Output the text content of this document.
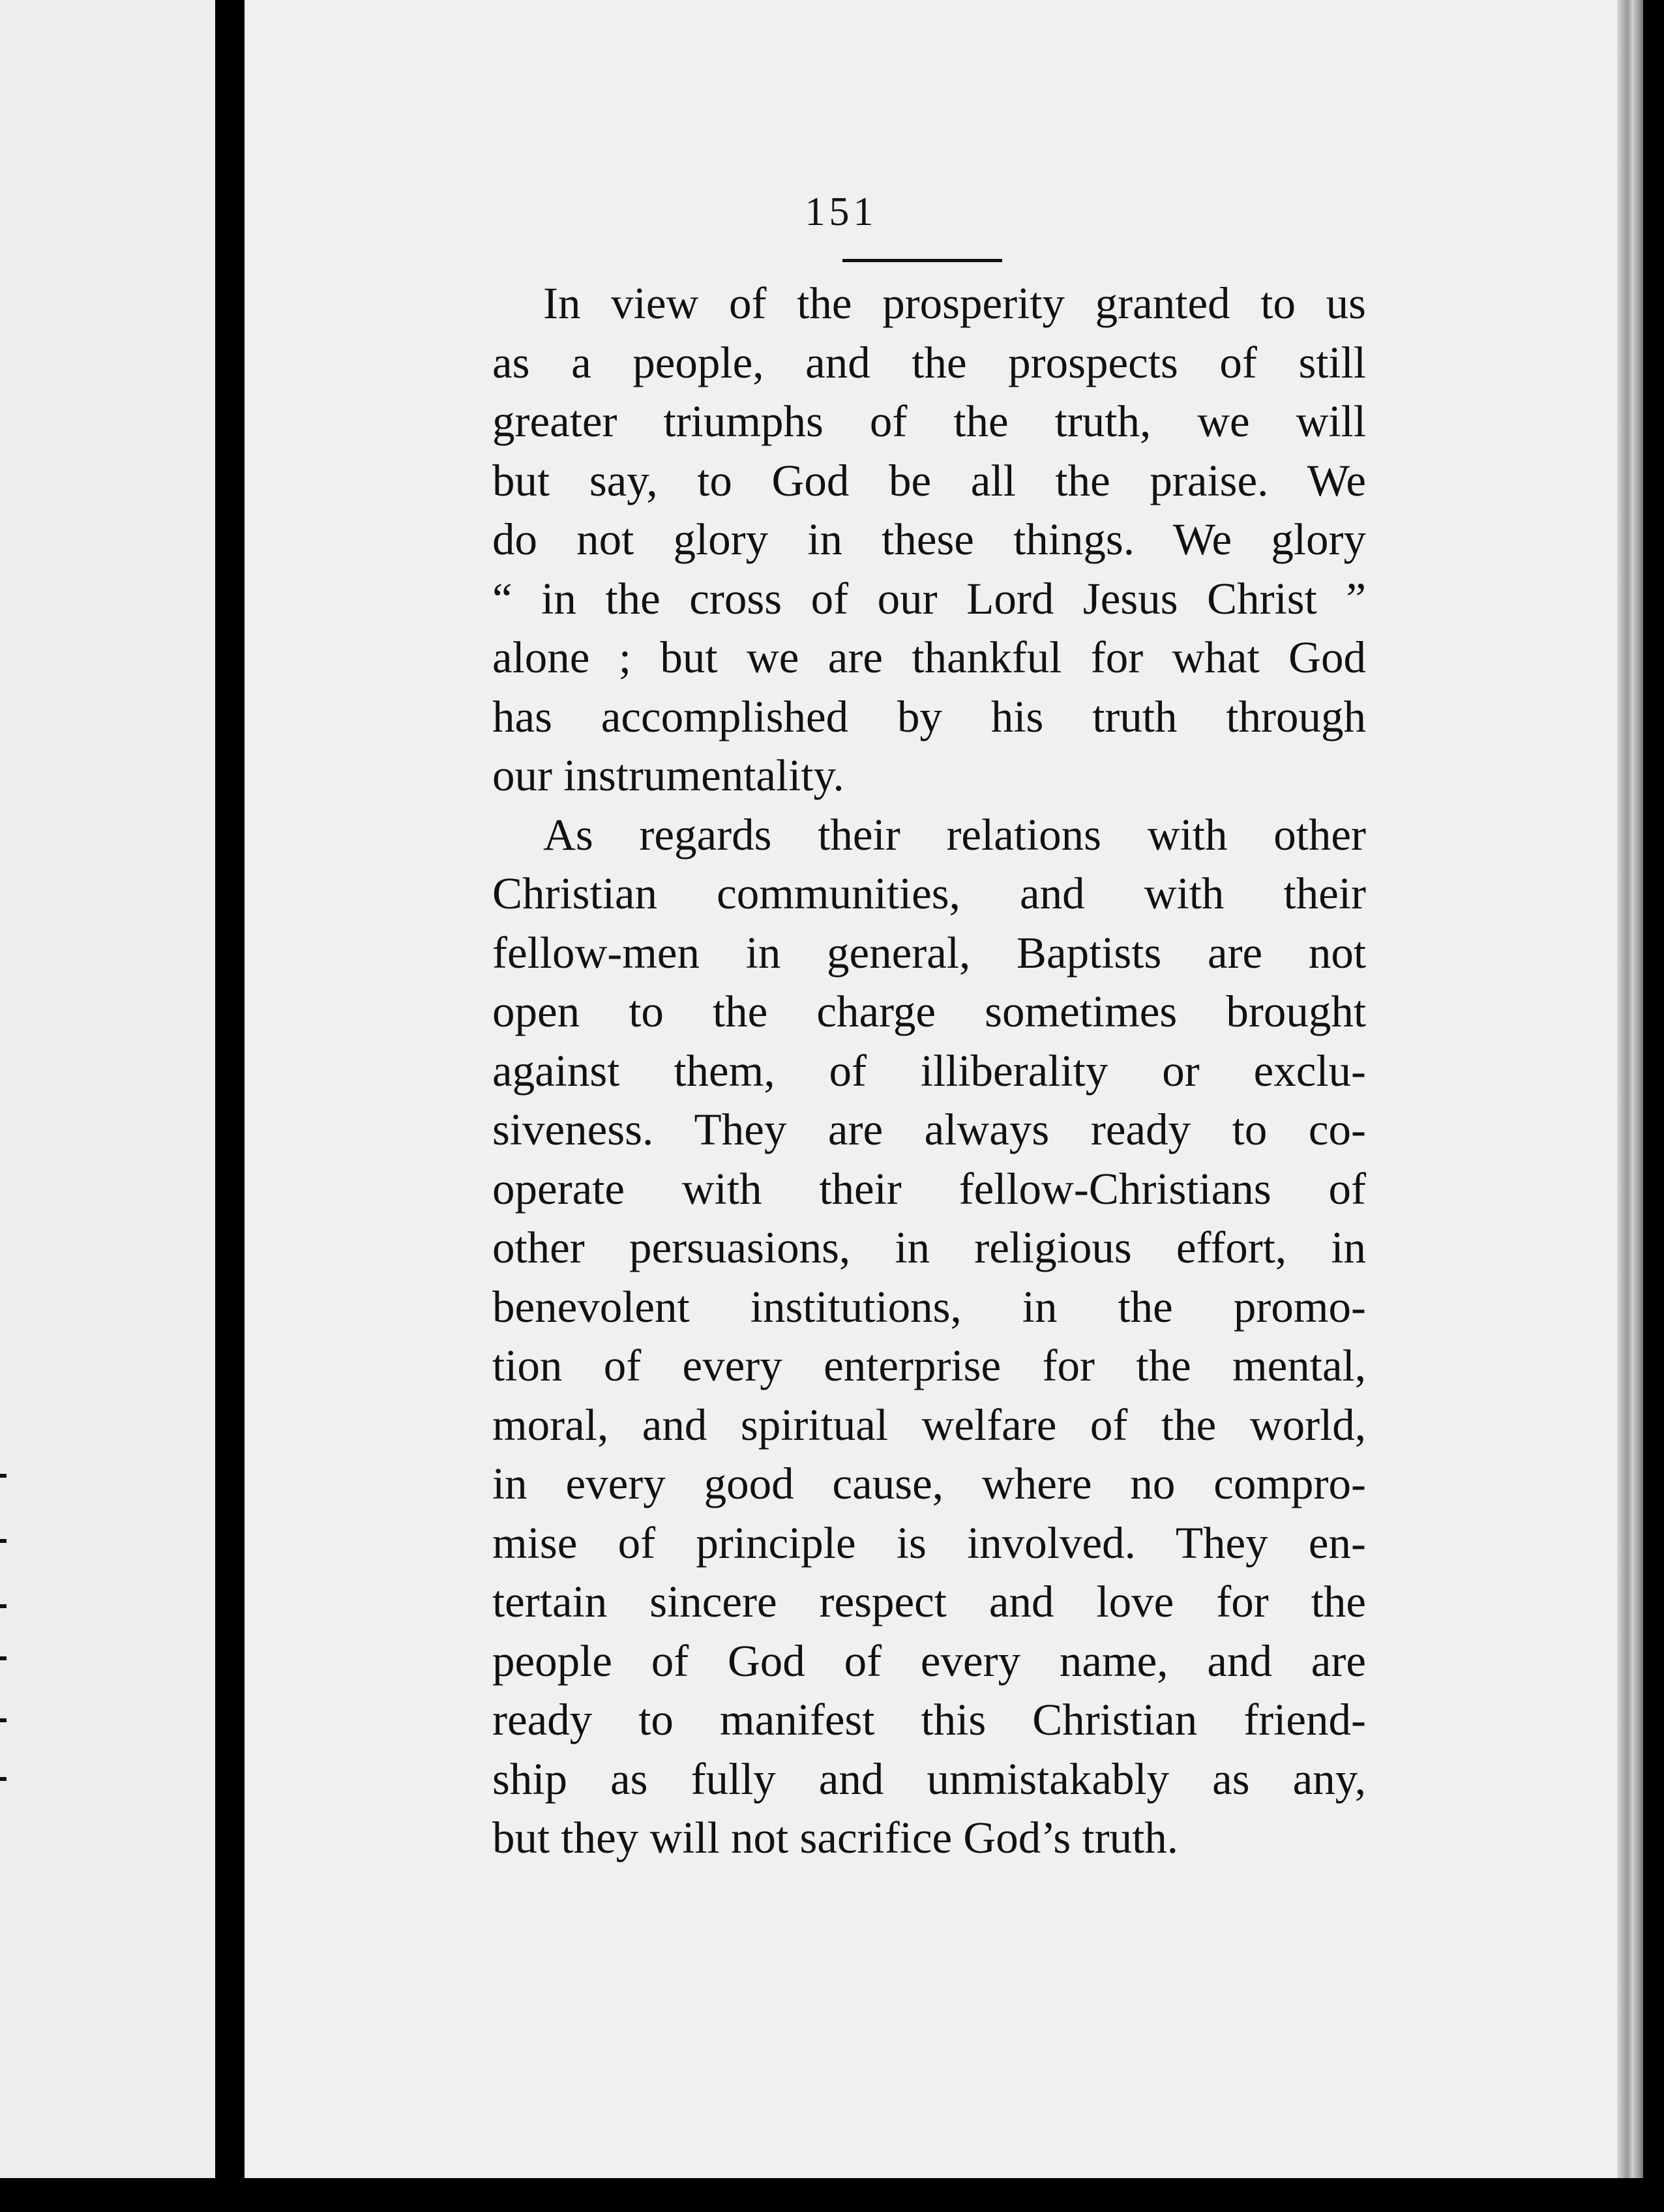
151
In view of the prosperity granted to us
as a people, and the prospects of still
greater triumphs of the truth, we will
but say, to God be all the praise. We
do not glory in these things. We glory
“ in the cross of our Lord Jesus Christ ”
alone ; but we are thankful for what God
has accomplished by his truth through
our instrumentality.
As regards their relations with other
Christian communities, and with their
fellow-men in general, Baptists are not
open to the charge sometimes brought
against them, of illiberality or exclu-
siveness. They are always ready to co-
operate with their fellow-Christians of
other persuasions, in religious effort, in
benevolent institutions, in the promo-
tion of every enterprise for the mental,
moral, and spiritual welfare of the world,
in every good cause, where no compro-
mise of principle is involved. They en-
tertain sincere respect and love for the
people of God of every name, and are
ready to manifest this Christian friend-
ship as fully and unmistakably as any,
but they will not sacrifice God’s truth.
